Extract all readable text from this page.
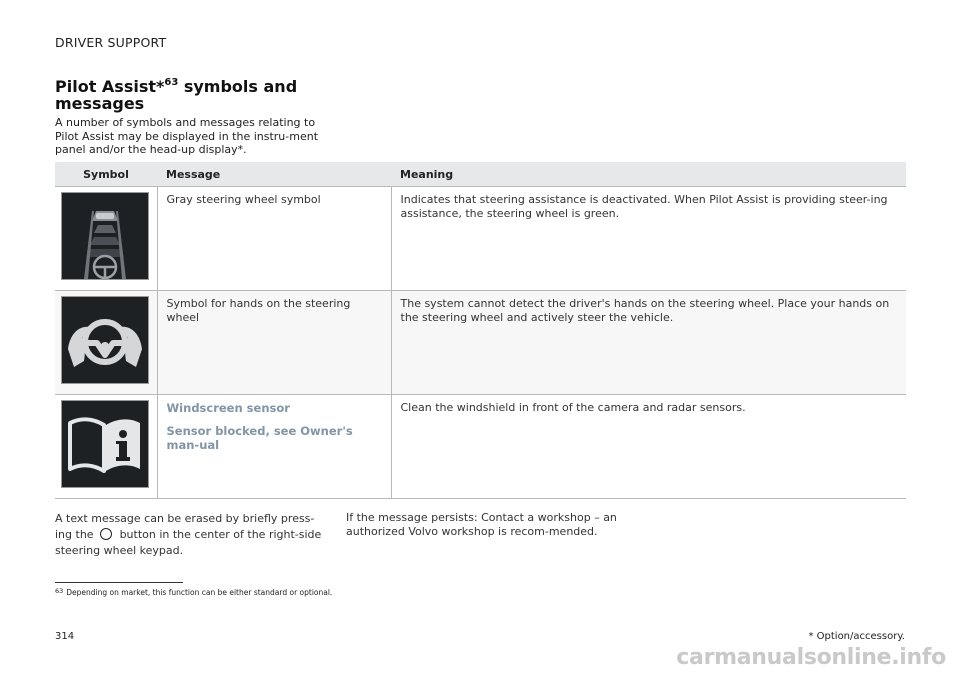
DRIVER SUPPORT
Pilot Assist*$^{63}$ symbols and messages
A number of symbols and messages relating to Pilot Assist may be displayed in the instru-ment panel and/or the head-up display*.
Symbol	Message	Meaning

	Gray steering wheel symbol	Indicates that steering assistance is deactivated. When Pilot Assist is providing steer-ing assistance, the steering wheel is green.

	Symbol for hands on the steering wheel	The system cannot detect the driver's hands on the steering wheel. Place your hands on the steering wheel and actively steer the vehicle.

Windscreen sensor
Sensor blocked, see Owner's man-ual	Clean the windshield in front of the camera and radar sensors.
A text message can be erased by briefly press-ing the button in the center of the right-side steering wheel keypad.
If the message persists: Contact a workshop – an authorized Volvo workshop is recom-mended.
$^{63}$ Depending on market, this function can be either standard or optional.
* Option/accessory.
314
carmanualsonline.info
